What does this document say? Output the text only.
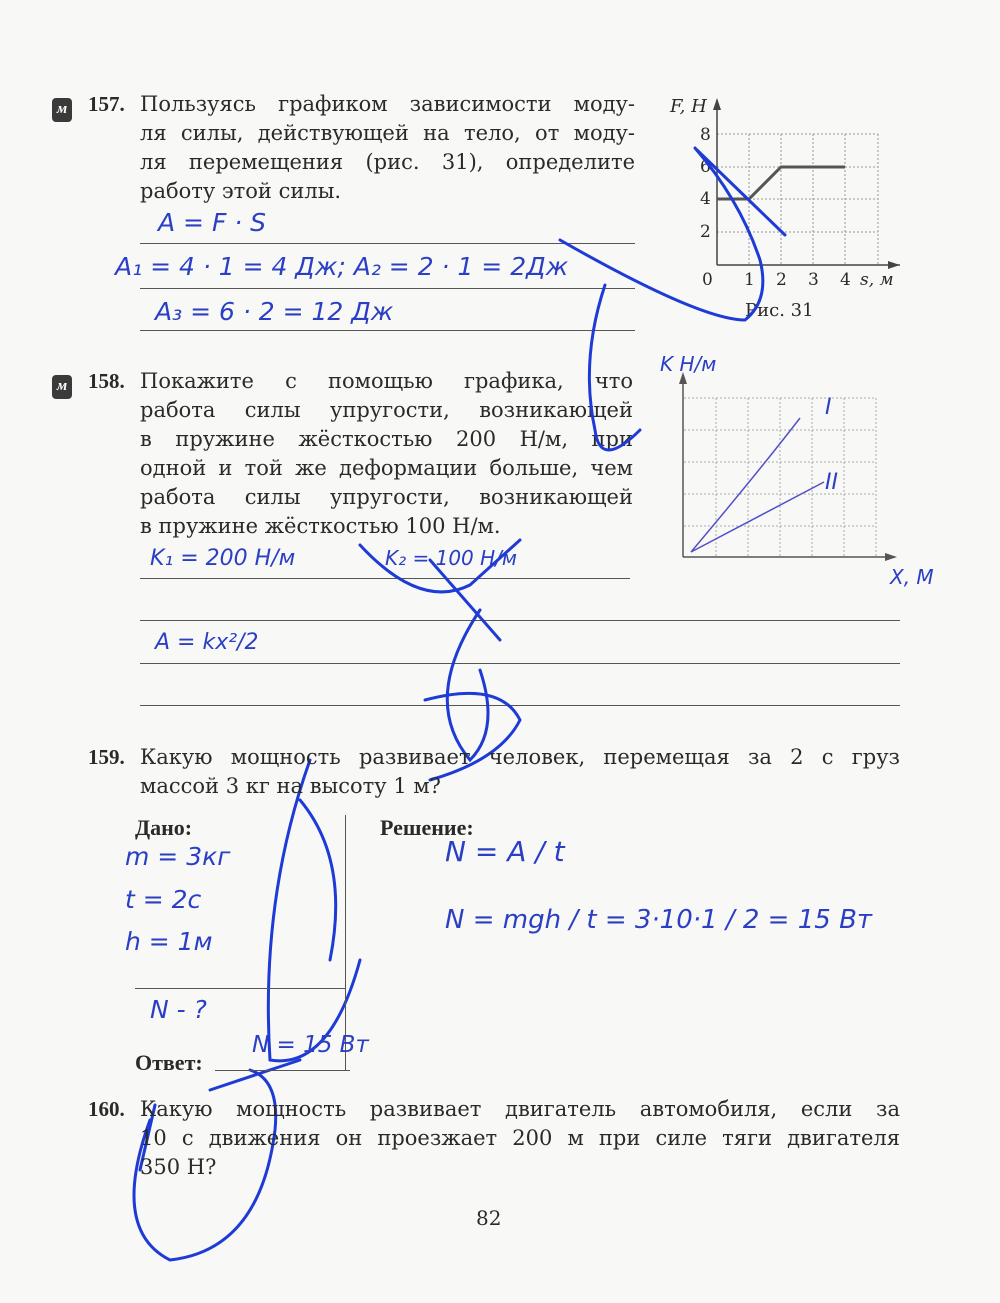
м 157. Пользуясь графиком зависимости моду-
ля силы, действующей на тело, от моду-
ля перемещения (рис. 31), определите
работу этой силы.
A = F · S
A₁ = 4 · 1 = 4 Дж; A₂ = 2 · 1 = 2Дж
A₃ = 6 · 2 = 12 Дж
F, Н
8
6
4
2
0 1 2 3 4 s, м
Рис. 31
м 158. Покажите с помощью графика, что
работа силы упругости, возникающей
в пружине жёсткостью 200 Н/м, при
одной и той же деформации больше, чем
работа силы упругости, возникающей
в пружине жёсткостью 100 Н/м.
K₁ = 200 Н/м	K₂ = 100 Н/м
A = kx²/2
K Н/м
X, М
I
II
159. Какую мощность развивает человек, перемещая за 2 с груз
массой 3 кг на высоту 1 м?
Дано:	Решение:
m = 3кг
t = 2с
h = 1м
N - ?
N = A / t
N = mgh / t = 3·10·1 / 2 = 15 Вт
Ответ:
N = 15 Вт
160. Какую мощность развивает двигатель автомобиля, если за
10 с движения он проезжает 200 м при силе тяги двигателя
350 Н?
82
